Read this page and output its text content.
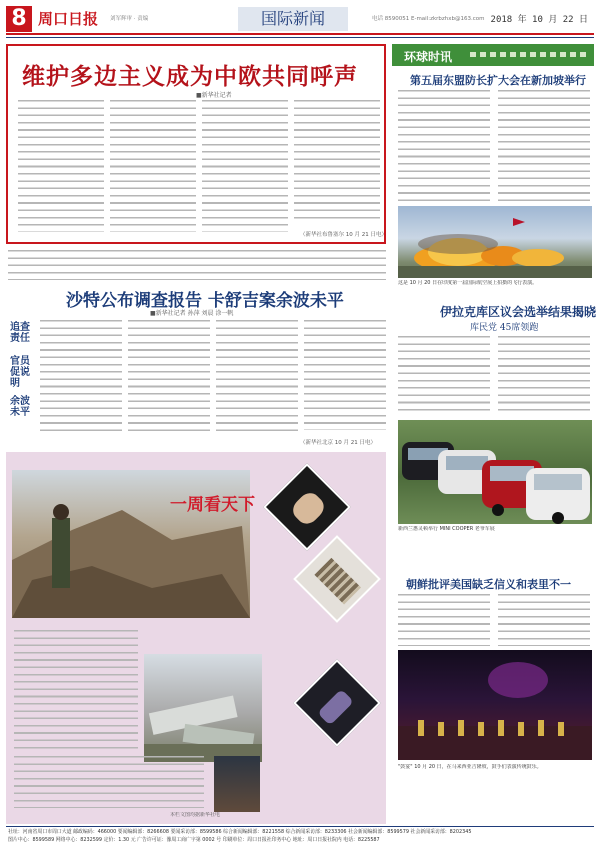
8 周口日报 刘军辉审 · 责编	国际新闻	电话 8590051 E-mail:zkrbzhxb@163.com 2018 年 10 月 22 日
维护多边主义成为中欧共同呼声
■新华社记者
（新华社布鲁塞尔 10 月 21 日电）
环球时讯
第五届东盟防长扩大会在新加坡举行
这是 10 月 20 日在印度第一届国际航空展上拍摄的飞行表演。
伊拉克库区议会选举结果揭晓
库民党 45席领跑
新西兰惠灵顿举行 MINI COOPER 老爷车展
朝鲜批评美国缺乏信义和表里不一
"鼓宴" 10 月 20 日，在马来西亚吉隆坡，鼓手们表演传统鼓乐。
沙特公布调查报告 卡舒吉案余波未平
■新华社记者 孙萍 刘晨 涂一帆
追查责任
官员促说明
余波未平
（新华社北京 10 月 21 日电）
一周看天下
本栏文图均据新华社电
社址：河南省周口市周口大道 邮政编码：466000 要闻编辑部：8266608 要闻采访部：8599586 综合新闻编辑部：8221558 综合新闻采访部：8233306 社会新闻编辑部：8599579 社会新闻采访部：8202345
图片中心：8599589 网络中心：8232599 定价：1.30 元 广告许可证：豫周工商广字第 0002 号 印刷单位：周口日报社印务中心 地址：周口日报社院内 电话：8225587
